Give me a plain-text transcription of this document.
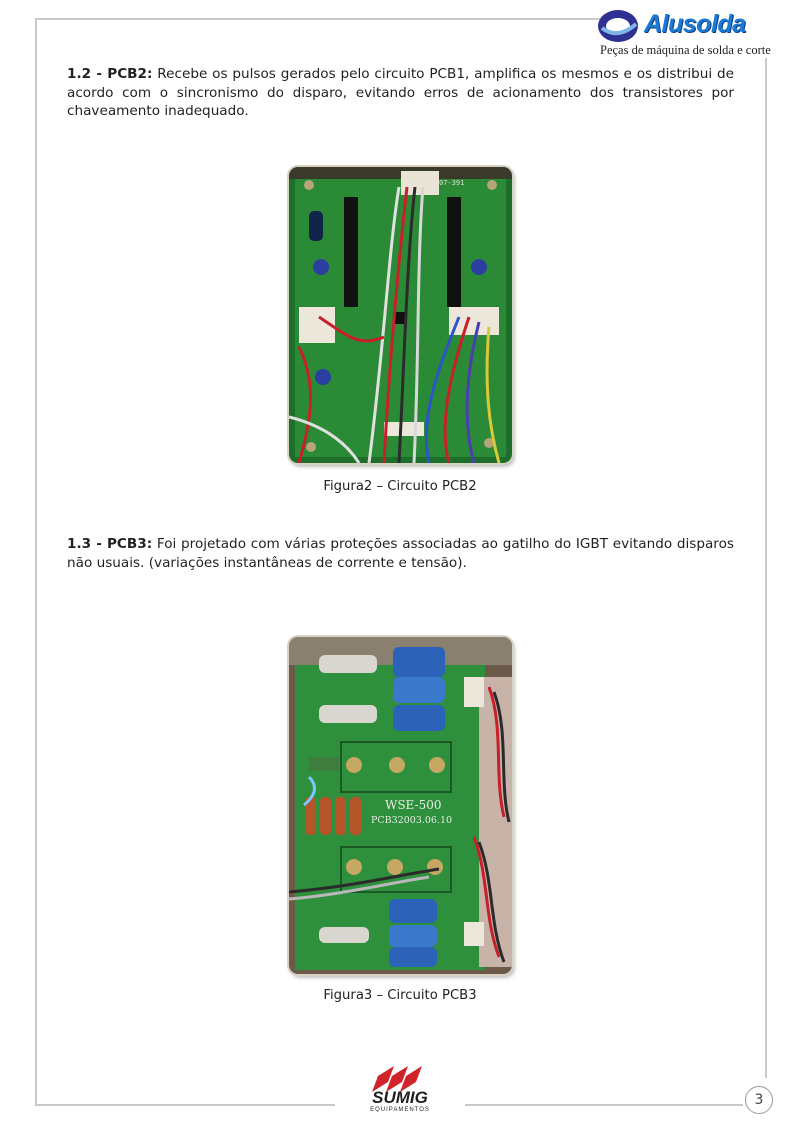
Alusolda
Peças de máquina de solda e corte
1.2 - PCB2: Recebe os pulsos gerados pelo circuito PCB1, amplifica os mesmos e os distribui de acordo com o sincronismo do disparo, evitando erros de acionamento dos transistores por chaveamento inadequado.
07-391
Figura2 – Circuito PCB2
1.3 - PCB3: Foi projetado com várias proteções associadas ao gatilho do IGBT evitando disparos não usuais. (variações instantâneas de corrente e tensão).
WSE-500
PCB32003.06.10
Figura3 – Circuito PCB3
SUMIG
EQUIPAMENTOS
3
